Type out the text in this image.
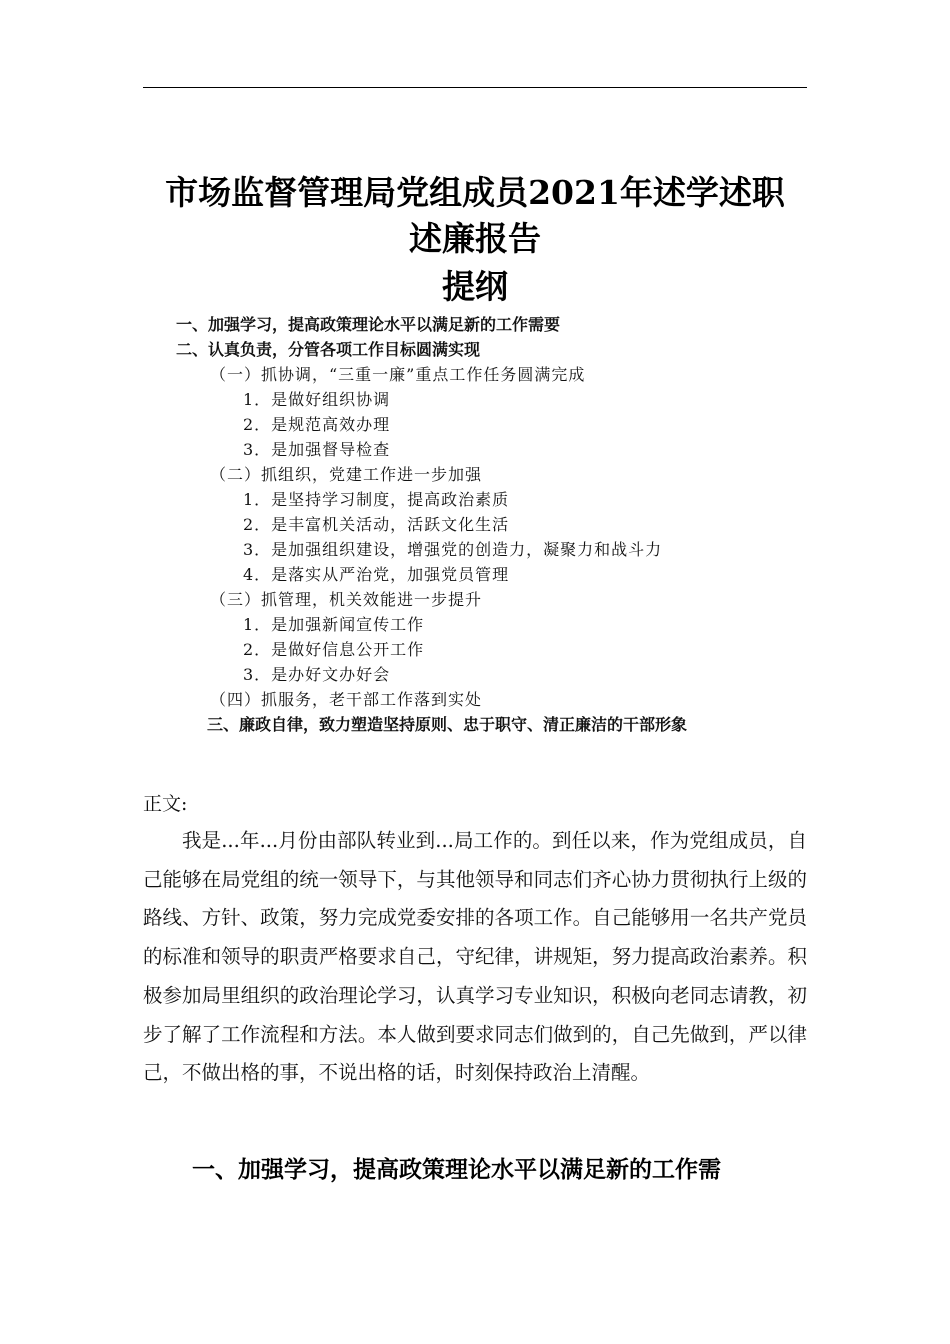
市场监督管理局党组成员2021年述学述职
述廉报告
提纲
一、加强学习，提高政策理论水平以满足新的工作需要
二、认真负责，分管各项工作目标圆满实现
（一）抓协调，“三重一廉”重点工作任务圆满完成
1．是做好组织协调
2．是规范高效办理
3．是加强督导检查
（二）抓组织，党建工作进一步加强
1．是坚持学习制度，提高政治素质
2．是丰富机关活动，活跃文化生活
3．是加强组织建设，增强党的创造力，凝聚力和战斗力
4．是落实从严治党，加强党员管理
（三）抓管理，机关效能进一步提升
1．是加强新闻宣传工作
2．是做好信息公开工作
3．是办好文办好会
（四）抓服务，老干部工作落到实处
三、廉政自律，致力塑造坚持原则、忠于职守、清正廉洁的干部形象
正文:

我是...年...月份由部队转业到...局工作的。到任以来，作为党组成员，自己能够在局党组的统一领导下，与其他领导和同志们齐心协力贯彻执行上级的路线、方针、政策，努力完成党委安排的各项工作。自己能够用一名共产党员的标准和领导的职责严格要求自己，守纪律，讲规矩，努力提高政治素养。积极参加局里组织的政治理论学习，认真学习专业知识，积极向老同志请教，初步了解了工作流程和方法。本人做到要求同志们做到的，自己先做到，严以律己，不做出格的事，不说出格的话，时刻保持政治上清醒。

一、加强学习，提高政策理论水平以满足新的工作需
